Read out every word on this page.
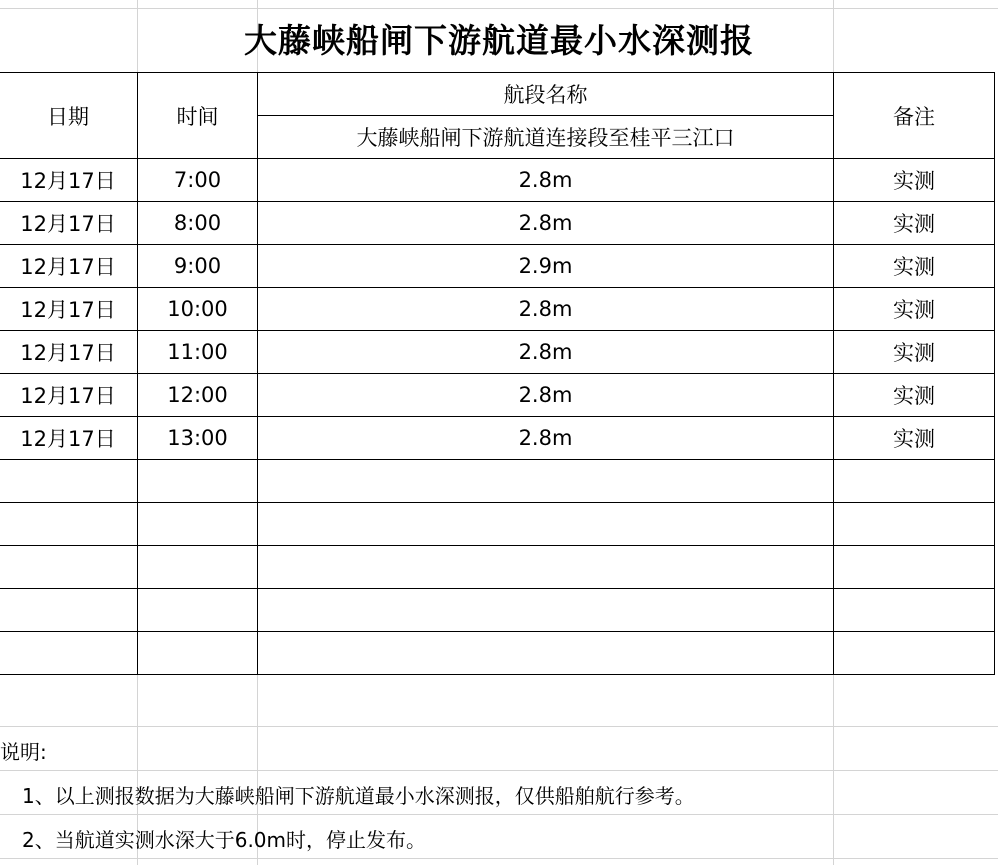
大藤峡船闸下游航道最小水深测报
日期	时间	航段名称	备注
		大藤峡船闸下游航道连接段至桂平三江口	
12月17日	7:00	2.8m	实测
12月17日	8:00	2.8m	实测
12月17日	9:00	2.9m	实测
12月17日	10:00	2.8m	实测
12月17日	11:00	2.8m	实测
12月17日	12:00	2.8m	实测
12月17日	13:00	2.8m	实测

说明:
1、以上测报数据为大藤峡船闸下游航道最小水深测报，仅供船舶航行参考。
2、当航道实测水深大于6.0m时，停止发布。
